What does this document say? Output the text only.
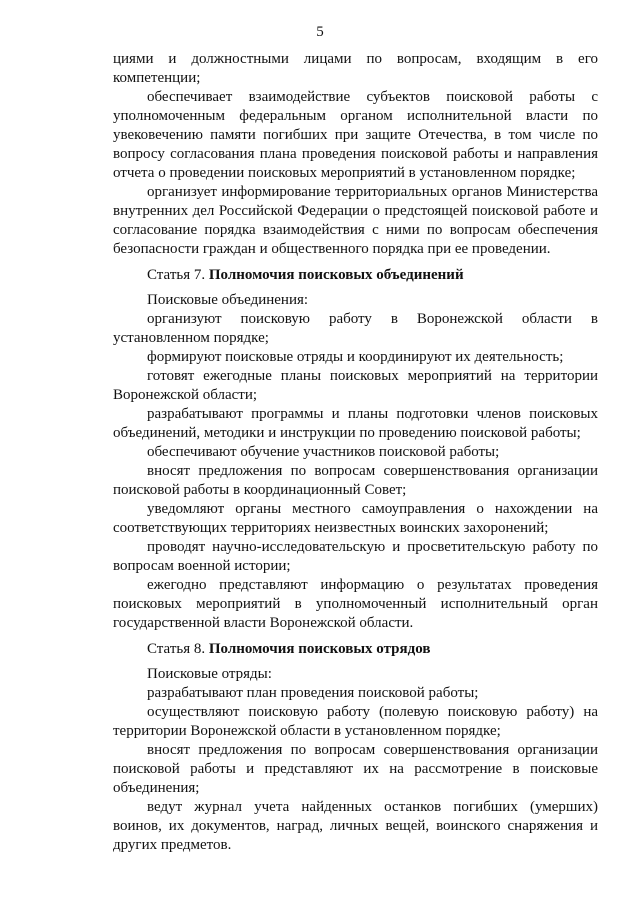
5

циями и должностными лицами по вопросам, входящим в его компетенции;

обеспечивает взаимодействие субъектов поисковой работы с уполномоченным федеральным органом исполнительной власти по увековечению памяти погибших при защите Отечества, в том числе по вопросу согласования плана проведения поисковой работы и направления отчета о проведении поисковых мероприятий в установленном порядке;

организует информирование территориальных органов Министерства внутренних дел Российской Федерации о предстоящей поисковой работе и согласование порядка взаимодействия с ними по вопросам обеспечения безопасности граждан и общественного порядка при ее проведении.

Статья 7. Полномочия поисковых объединений

Поисковые объединения:

организуют поисковую работу в Воронежской области в установленном порядке;

формируют поисковые отряды и координируют их деятельность;

готовят ежегодные планы поисковых мероприятий на территории Воронежской области;

разрабатывают программы и планы подготовки членов поисковых объединений, методики и инструкции по проведению поисковой работы;

обеспечивают обучение участников поисковой работы;

вносят предложения по вопросам совершенствования организации поисковой работы в координационный Совет;

уведомляют органы местного самоуправления о нахождении на соответствующих территориях неизвестных воинских захоронений;

проводят научно-исследовательскую и просветительскую работу по вопросам военной истории;

ежегодно представляют информацию о результатах проведения поисковых мероприятий в уполномоченный исполнительный орган государственной власти Воронежской области.

Статья 8. Полномочия поисковых отрядов

Поисковые отряды:

разрабатывают план проведения поисковой работы;

осуществляют поисковую работу (полевую поисковую работу) на территории Воронежской области в установленном порядке;

вносят предложения по вопросам совершенствования организации поисковой работы и представляют их на рассмотрение в поисковые объединения;

ведут журнал учета найденных останков погибших (умерших) воинов, их документов, наград, личных вещей, воинского снаряжения и других предметов.
